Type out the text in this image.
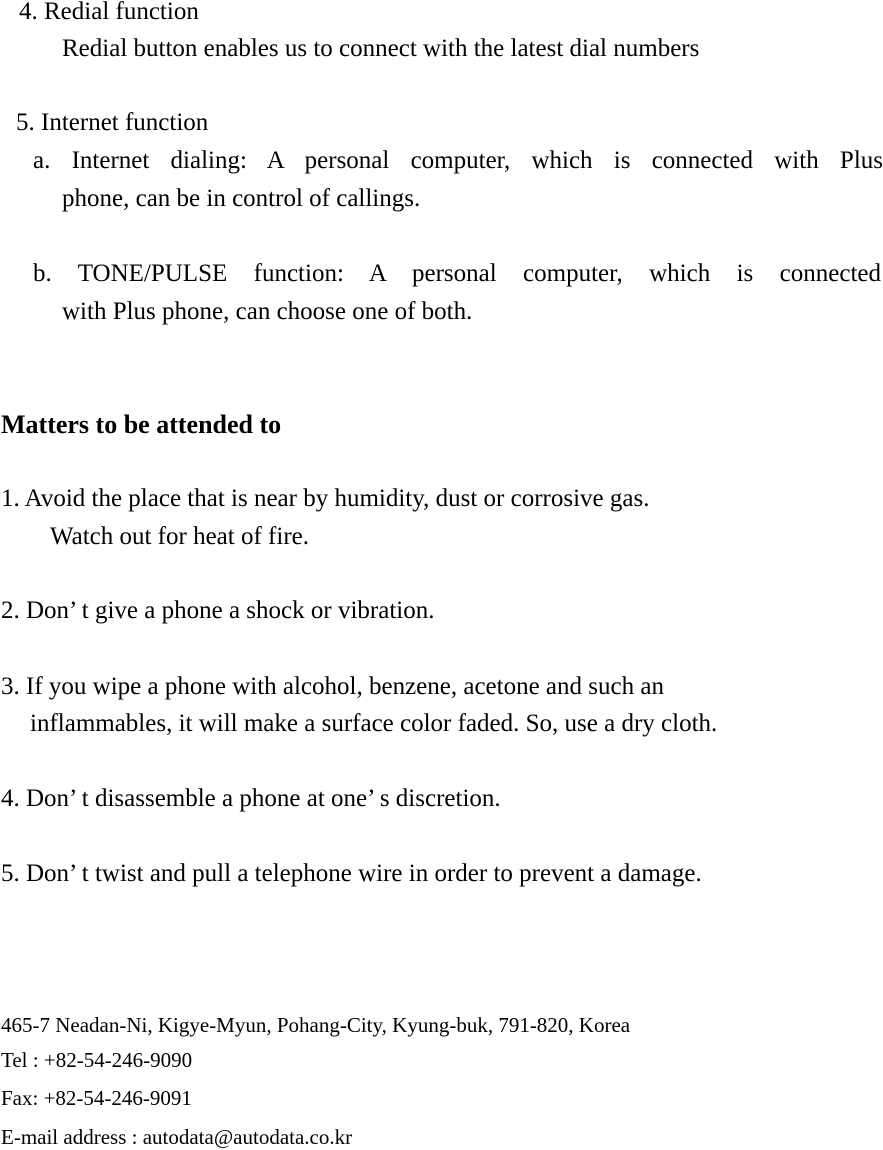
4. Redial function
Redial button enables us to connect with the latest dial numbers
5. Internet function
a. Internet dialing: A personal computer, which is connected with Plus
phone, can be in control of callings.
b. TONE/PULSE function: A personal computer, which is connected
with Plus phone, can choose one of both.
Matters to be attended to
1. Avoid the place that is near by humidity, dust or corrosive gas.
Watch out for heat of fire.
2. Don’ t give a phone a shock or vibration.
3. If you wipe a phone with alcohol, benzene, acetone and such an
inflammables, it will make a surface color faded. So, use a dry cloth.
4. Don’ t disassemble a phone at one’ s discretion.
5. Don’ t twist and pull a telephone wire in order to prevent a damage.
465-7 Neadan-Ni, Kigye-Myun, Pohang-City, Kyung-buk, 791-820, Korea
Tel : +82-54-246-9090
Fax: +82-54-246-9091
E-mail address : autodata@autodata.co.kr
